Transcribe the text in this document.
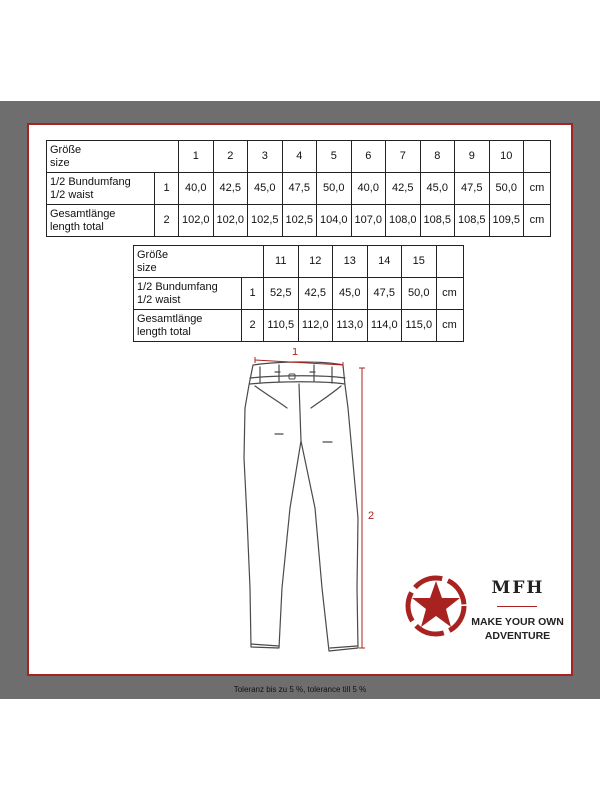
Größe
size		1	2	3	4	5	6	7	8	9	10	

1/2 Bundumfang
1/2 waist	1	40,0	42,5	45,0	47,5	50,0	40,0	42,5	45,0	47,5	50,0	cm

Gesamtlänge
length total	2	102,0	102,0	102,5	102,5	104,0	107,0	108,0	108,5	108,5	109,5	cm
Größe
size		11	12	13	14	15	

1/2 Bundumfang
1/2 waist	1	52,5	42,5	45,0	47,5	50,0	cm

Gesamtlänge
length total	2	110,5	112,0	113,0	114,0	115,0	cm
1
2
MFH
MAKE YOUR OWN
ADVENTURE
Toleranz bis zu 5 %, tolerance till 5 %
